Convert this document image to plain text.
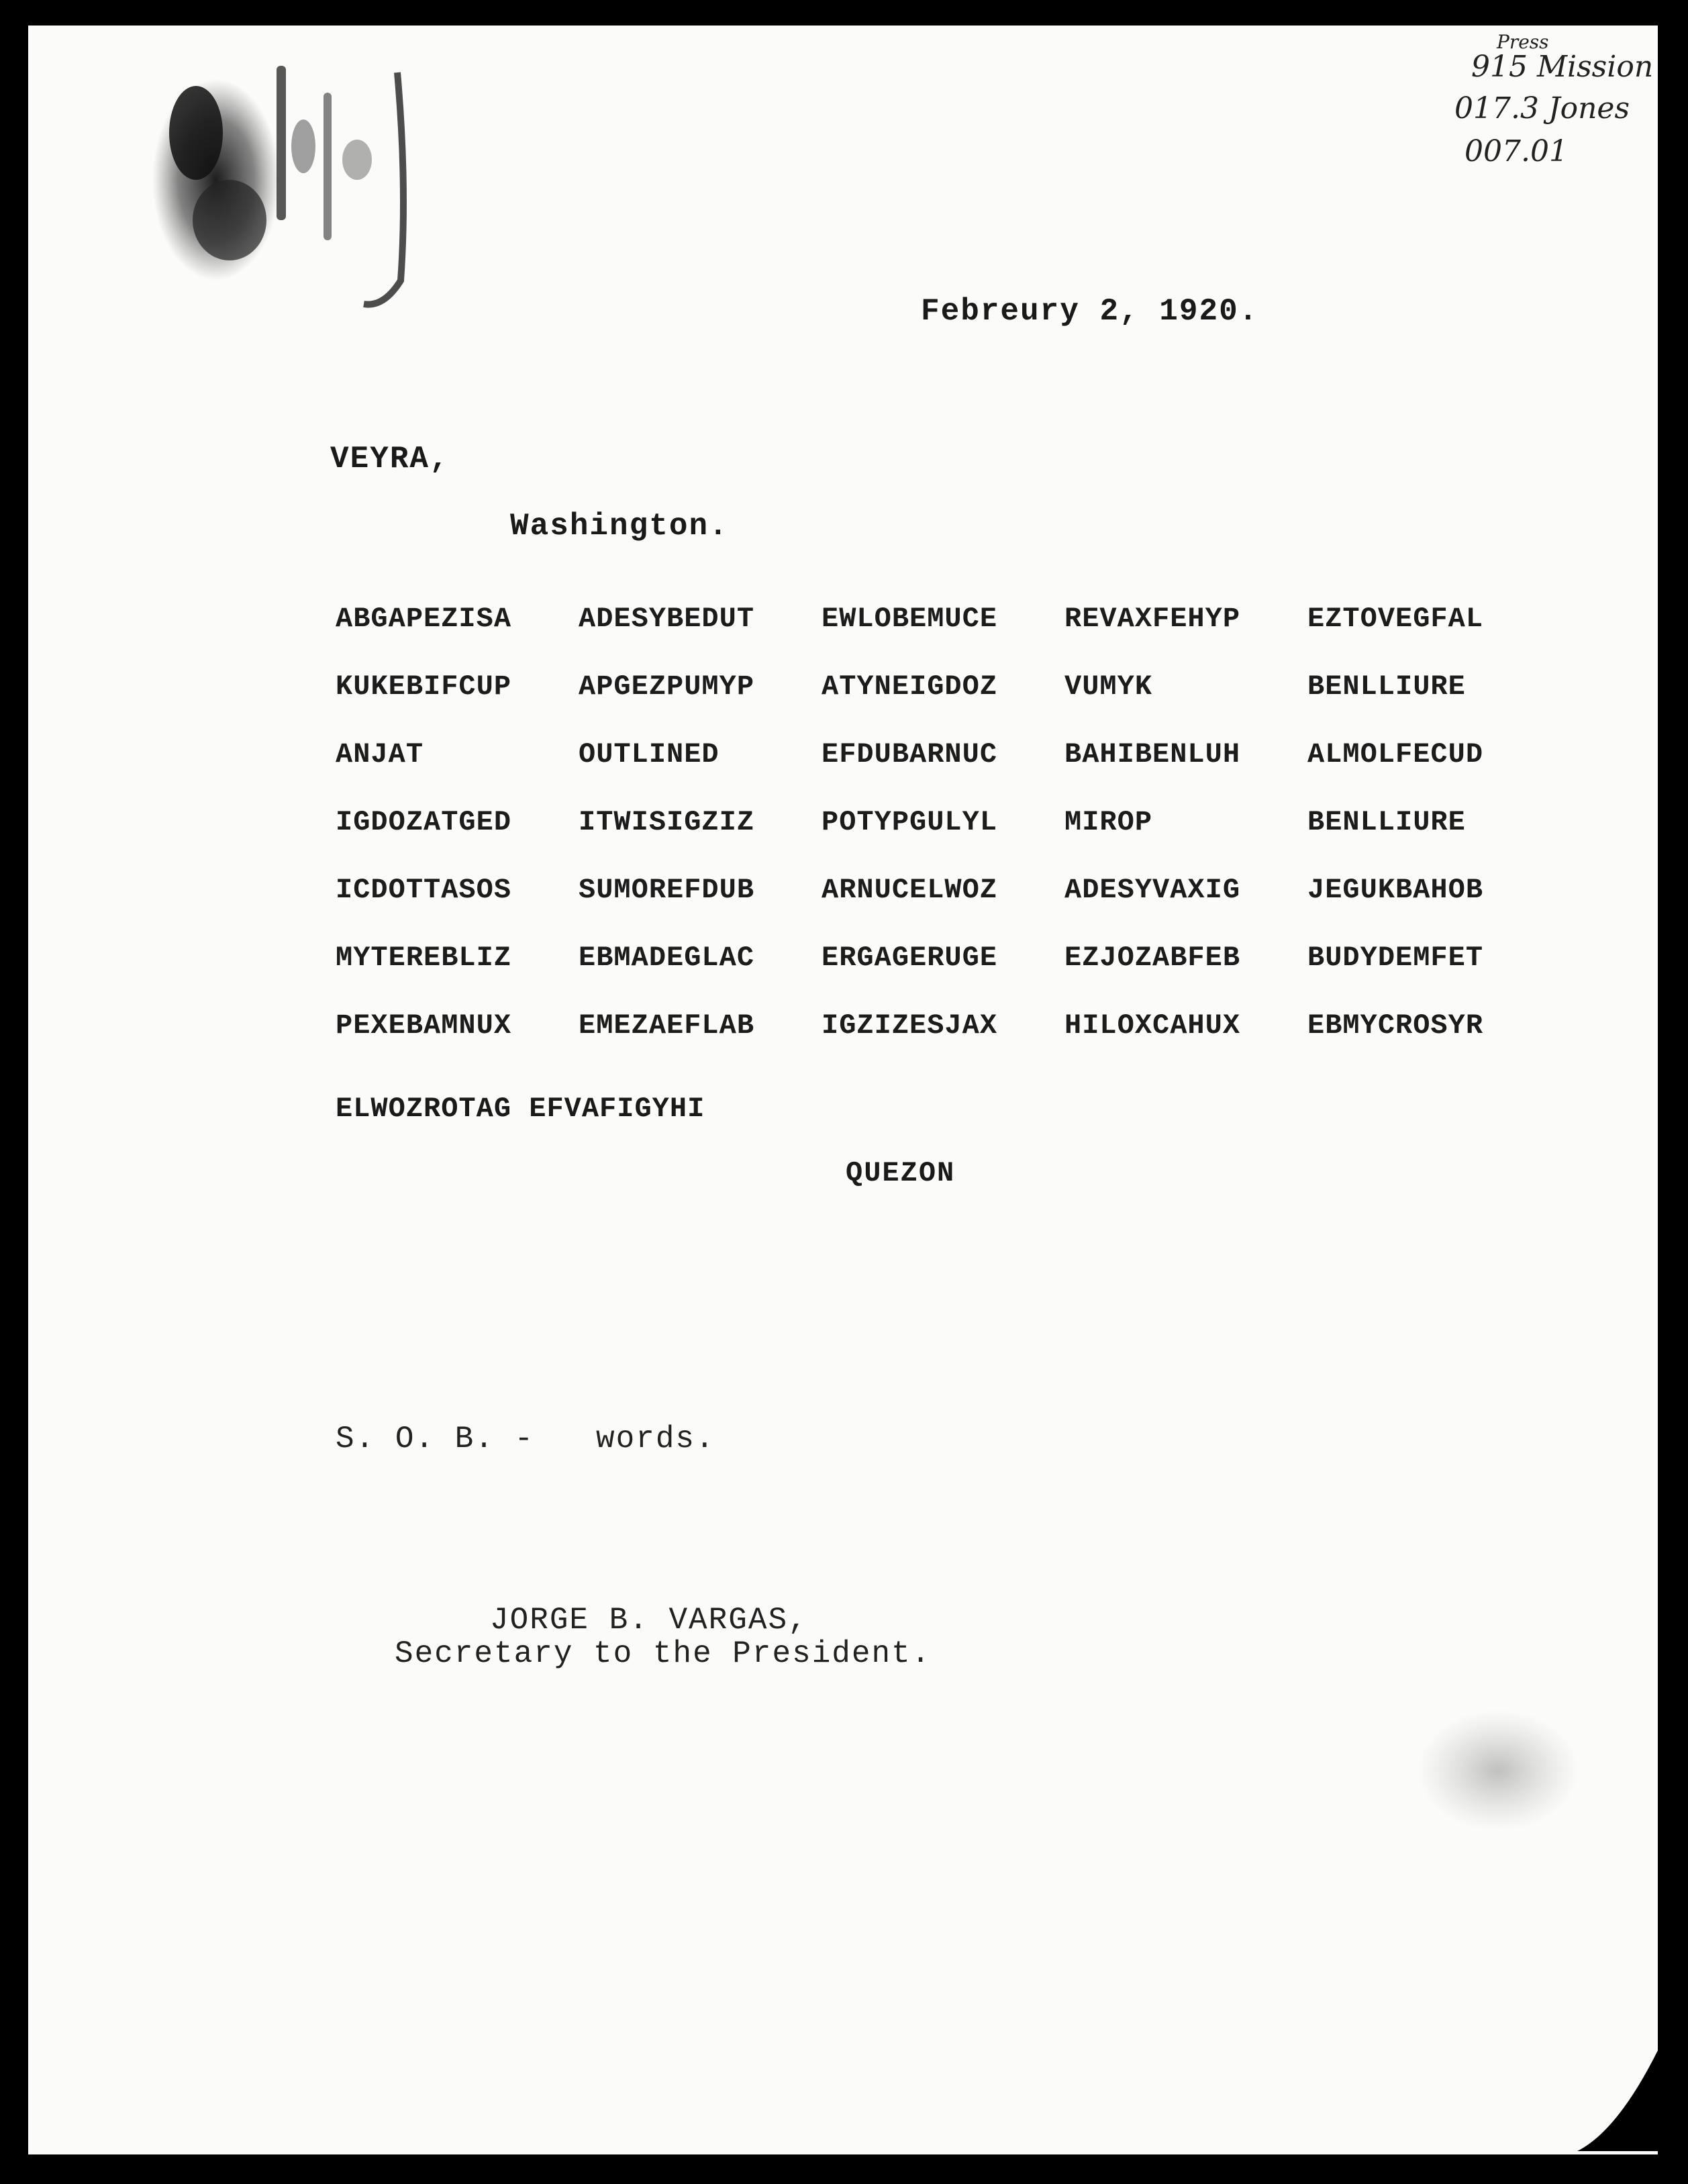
Press
915 Mission
017.3 Jones
007.01
Febreury 2, 1920.
VEYRA,
Washington.
ABGAPEZISA	ADESYBEDUT	EWLOBEMUCE	REVAXFEHYP	EZTOVEGFAL
KUKEBIFCUP	APGEZPUMYP	ATYNEIGDOZ	VUMYK	BENLLIURE
ANJAT	OUTLINED	EFDUBARNUC	BAHIBENLUH	ALMOLFECUD
IGDOZATGED	ITWISIGZIZ	POTYPGULYL	MIROP	BENLLIURE
ICDOTTASOS	SUMOREFDUB	ARNUCELWOZ	ADESYVAXIG	JEGUKBAHOB
MYTEREBLIZ	EBMADEGLAC	ERGAGERUGE	EZJOZABFEB	BUDYDEMFET
PEXEBAMNUX	EMEZAEFLAB	IGZIZESJAX	HILOXCAHUX	EBMYCROSYR
ELWOZROTAG EFVAFIGYHI
QUEZON
S. O. B. - words.
JORGE B. VARGAS,
Secretary to the President.
